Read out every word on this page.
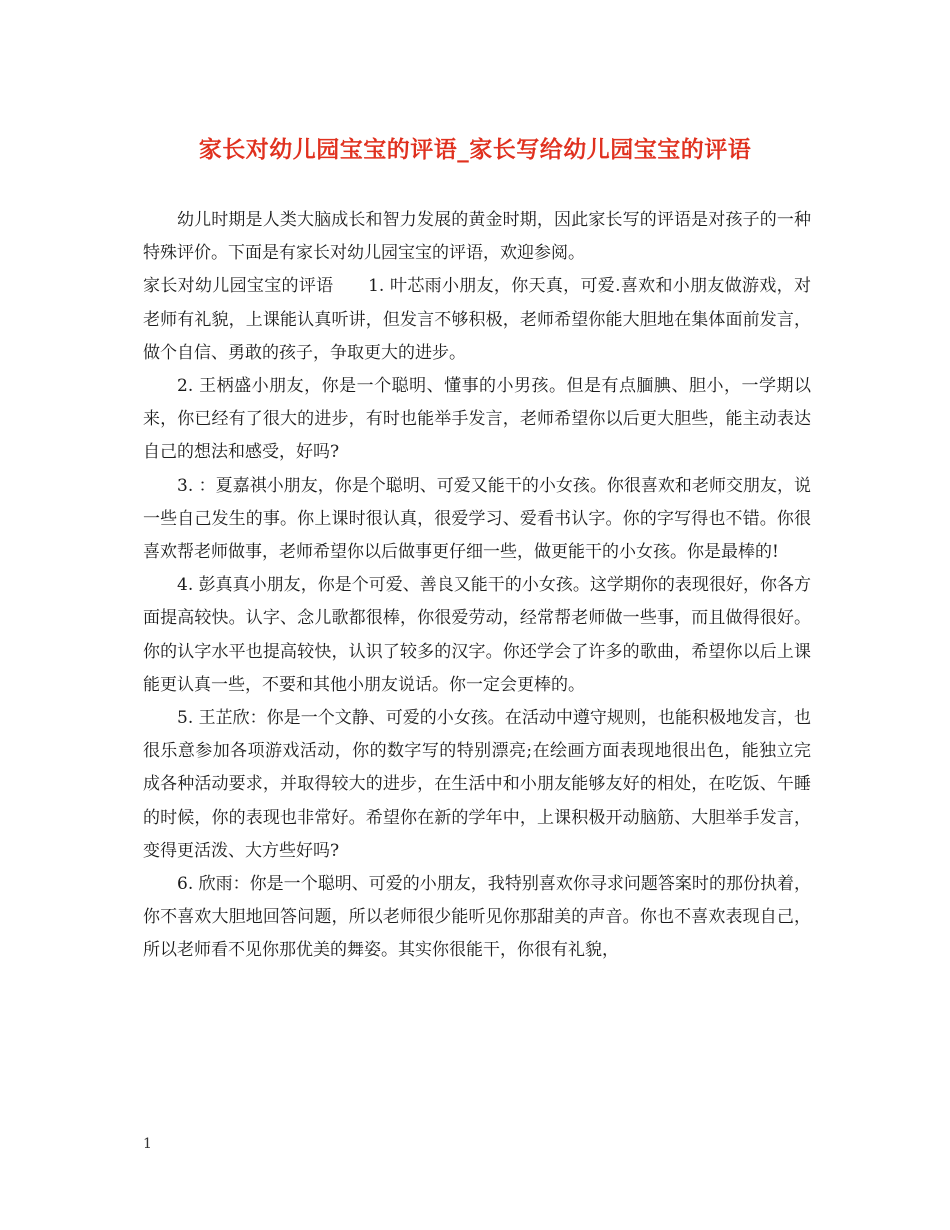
家长对幼儿园宝宝的评语_家长写给幼儿园宝宝的评语

幼儿时期是人类大脑成长和智力发展的黄金时期，因此家长写的评语是对孩子的一种特殊评价。下面是有家长对幼儿园宝宝的评语，欢迎参阅。

家长对幼儿园宝宝的评语　　1. 叶芯雨小朋友，你天真，可爱.喜欢和小朋友做游戏，对老师有礼貌，上课能认真听讲，但发言不够积极，老师希望你能大胆地在集体面前发言，做个自信、勇敢的孩子，争取更大的进步。

2. 王柄盛小朋友，你是一个聪明、懂事的小男孩。但是有点腼腆、胆小，一学期以来，你已经有了很大的进步，有时也能举手发言，老师希望你以后更大胆些，能主动表达自己的想法和感受，好吗?

3. ：夏嘉祺小朋友，你是个聪明、可爱又能干的小女孩。你很喜欢和老师交朋友，说一些自己发生的事。你上课时很认真，很爱学习、爱看书认字。你的字写得也不错。你很喜欢帮老师做事，老师希望你以后做事更仔细一些，做更能干的小女孩。你是最棒的!

4. 彭真真小朋友，你是个可爱、善良又能干的小女孩。这学期你的表现很好，你各方面提高较快。认字、念儿歌都很棒，你很爱劳动，经常帮老师做一些事，而且做得很好。你的认字水平也提高较快，认识了较多的汉字。你还学会了许多的歌曲，希望你以后上课能更认真一些，不要和其他小朋友说话。你一定会更棒的。

5. 王芷欣：你是一个文静、可爱的小女孩。在活动中遵守规则，也能积极地发言，也很乐意参加各项游戏活动，你的数字写的特别漂亮;在绘画方面表现地很出色，能独立完成各种活动要求，并取得较大的进步，在生活中和小朋友能够友好的相处，在吃饭、午睡的时候，你的表现也非常好。希望你在新的学年中，上课积极开动脑筋、大胆举手发言，变得更活泼、大方些好吗?

6. 欣雨：你是一个聪明、可爱的小朋友，我特别喜欢你寻求问题答案时的那份执着，你不喜欢大胆地回答问题，所以老师很少能听见你那甜美的声音。你也不喜欢表现自己，所以老师看不见你那优美的舞姿。其实你很能干，你很有礼貌，

1
